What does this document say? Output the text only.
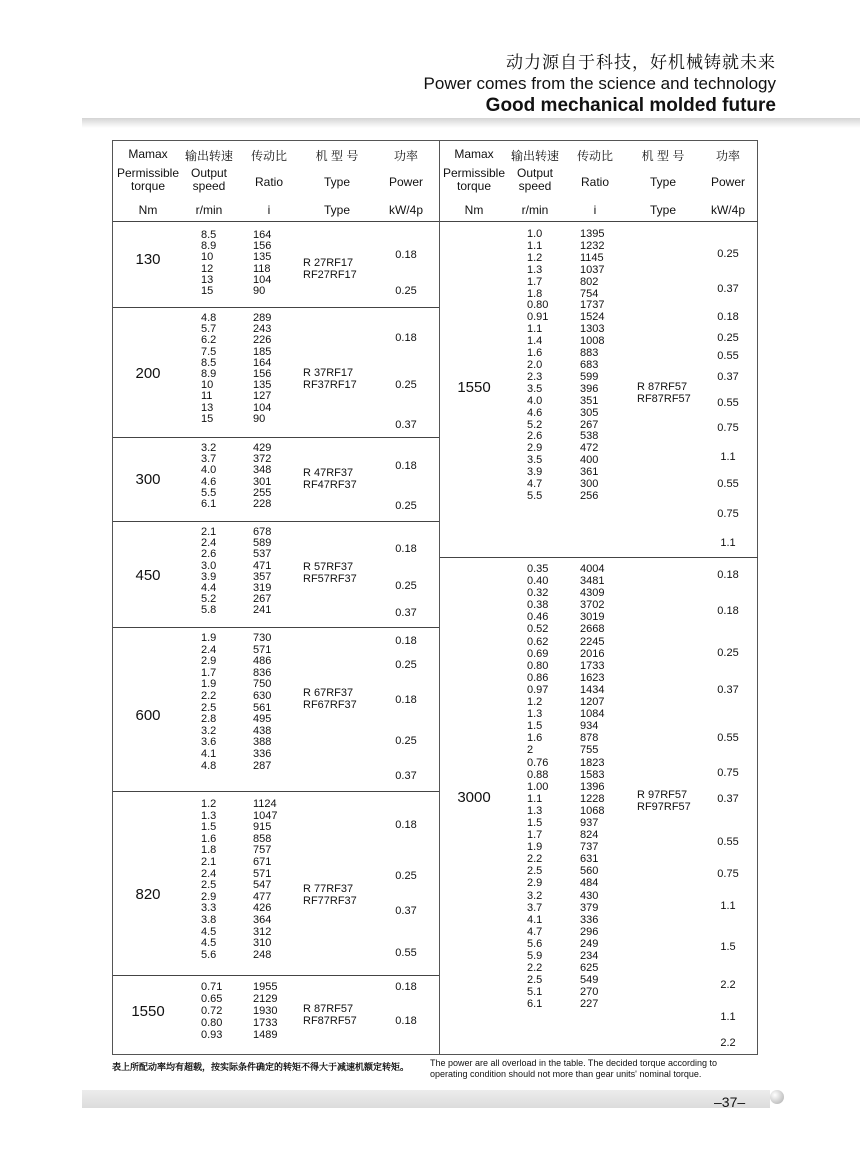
动力源自于科技，好机械铸就未来
Power comes from the science and technology
Good mechanical molded future
Mamax
Permissible torque
Nm
输出转速
Output speed
r/min
传动比
Ratio
i
机 型 号
Type
Type
功率
Power
kW/4p
Mamax
Permissible torque
Nm
输出转速
Output speed
r/min
传动比
Ratio
i
机 型 号
Type
Type
功率
Power
kW/4p
130
200
300
450
600
820
1550
8.5
8.9
10
12
13
15
164
156
135
118
104
90
4.8
5.7
6.2
7.5
8.5
8.9
10
11
13
15
289
243
226
185
164
156
135
127
104
90
3.2
3.7
4.0
4.6
5.5
6.1
429
372
348
301
255
228
2.1
2.4
2.6
3.0
3.9
4.4
5.2
5.8
678
589
537
471
357
319
267
241
1.9
2.4
2.9
1.7
1.9
2.2
2.5
2.8
3.2
3.6
4.1
4.8
730
571
486
836
750
630
561
495
438
388
336
287
1.2
1.3
1.5
1.6
1.8
2.1
2.4
2.5
2.9
3.3
3.8
4.5
4.5
5.6
1124
1047
915
858
757
671
571
547
477
426
364
312
310
248
0.71
0.65
0.72
0.80
0.93
1955
2129
1930
1733
1489
R 27RF17
RF27RF17
R 37RF17
RF37RF17
R 47RF37
RF47RF37
R 57RF37
RF57RF37
R 67RF37
RF67RF37
R 77RF37
RF77RF37
R 87RF57
RF87RF57
0.18
0.25
0.18
0.25
0.37
0.18
0.25
0.18
0.25
0.37
0.18
0.25
0.18
0.25
0.37
0.18
0.25
0.37
0.55
0.18
0.18
1550
3000
1.0
1.1
1.2
1.3
1.7
1.8
0.80
0.91
1.1
1.4
1.6
2.0
2.3
3.5
4.0
4.6
5.2
2.6
2.9
3.5
3.9
4.7
5.5
1395
1232
1145
1037
802
754
1737
1524
1303
1008
883
683
599
396
351
305
267
538
472
400
361
300
256
0.35
0.40
0.32
0.38
0.46
0.52
0.62
0.69
0.80
0.86
0.97
1.2
1.3
1.5
1.6
2
0.76
0.88
1.00
1.1
1.3
1.5
1.7
1.9
2.2
2.5
2.9
3.2
3.7
4.1
4.7
5.6
5.9
2.2
2.5
5.1
6.1
4004
3481
4309
3702
3019
2668
2245
2016
1733
1623
1434
1207
1084
934
878
755
1823
1583
1396
1228
1068
937
824
737
631
560
484
430
379
336
296
249
234
625
549
270
227
R 87RF57
RF87RF57
R 97RF57
RF97RF57
0.25
0.37
0.18
0.25
0.55
0.37
0.55
0.75
1.1
0.55
0.75
1.1
0.18
0.18
0.25
0.37
0.55
0.75
0.37
0.55
0.75
1.1
1.5
2.2
1.1
2.2
表上所配动率均有超载，按实际条件确定的转矩不得大于减速机额定转矩。 The power are all overload in the table. The decided torque according to operating condition should not more than gear units' nominal torque.
–37–
